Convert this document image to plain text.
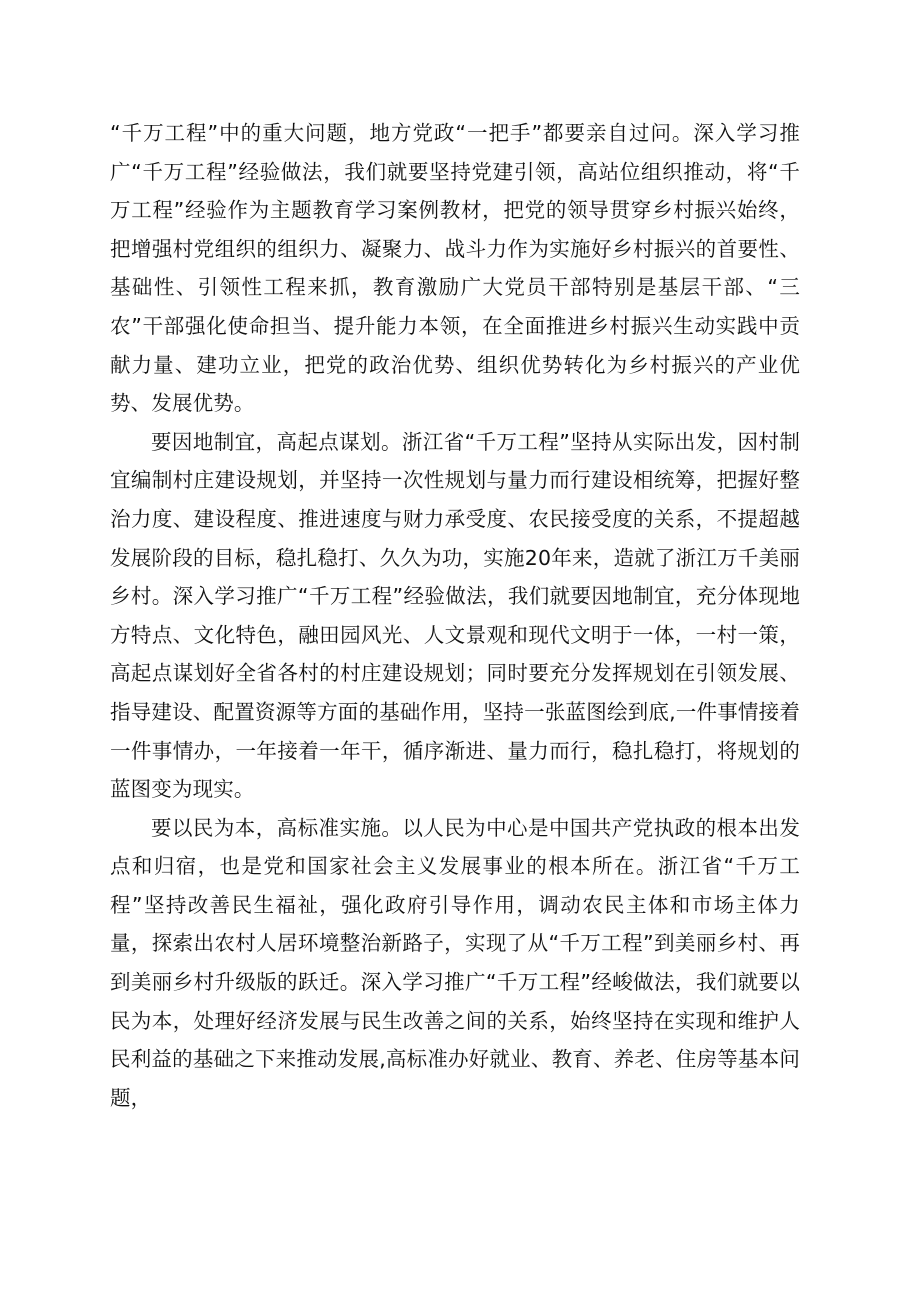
“千万工程”中的重大问题，地方党政“一把手”都要亲自过问。深入学习推广“千万工程”经验做法，我们就要坚持党建引领，高站位组织推动，将“千万工程”经验作为主题教育学习案例教材，把党的领导贯穿乡村振兴始终，把增强村党组织的组织力、凝聚力、战斗力作为实施好乡村振兴的首要性、基础性、引领性工程来抓，教育激励广大党员干部特别是基层干部、“三农”干部强化使命担当、提升能力本领，在全面推进乡村振兴生动实践中贡献力量、建功立业，把党的政治优势、组织优势转化为乡村振兴的产业优势、发展优势。

要因地制宜，高起点谋划。浙江省“千万工程”坚持从实际出发，因村制宜编制村庄建设规划，并坚持一次性规划与量力而行建设相统筹，把握好整治力度、建设程度、推进速度与财力承受度、农民接受度的关系，不提超越发展阶段的目标，稳扎稳打、久久为功，实施20年来，造就了浙江万千美丽乡村。深入学习推广“千万工程”经验做法，我们就要因地制宜，充分体现地方特点、文化特色，融田园风光、人文景观和现代文明于一体，一村一策，高起点谋划好全省各村的村庄建设规划；同时要充分发挥规划在引领发展、指导建设、配置资源等方面的基础作用，坚持一张蓝图绘到底,一件事情接着一件事情办，一年接着一年干，循序渐进、量力而行，稳扎稳打，将规划的蓝图变为现实。

要以民为本，高标准实施。以人民为中心是中国共产党执政的根本出发点和归宿，也是党和国家社会主义发展事业的根本所在。浙江省“千万工程”坚持改善民生福祉，强化政府引导作用，调动农民主体和市场主体力量，探索出农村人居环境整治新路子，实现了从“千万工程”到美丽乡村、再到美丽乡村升级版的跃迁。深入学习推广“千万工程”经峻做法，我们就要以民为本，处理好经济发展与民生改善之间的关系，始终坚持在实现和维护人民利益的基础之下来推动发展,高标准办好就业、教育、养老、住房等基本问题，
